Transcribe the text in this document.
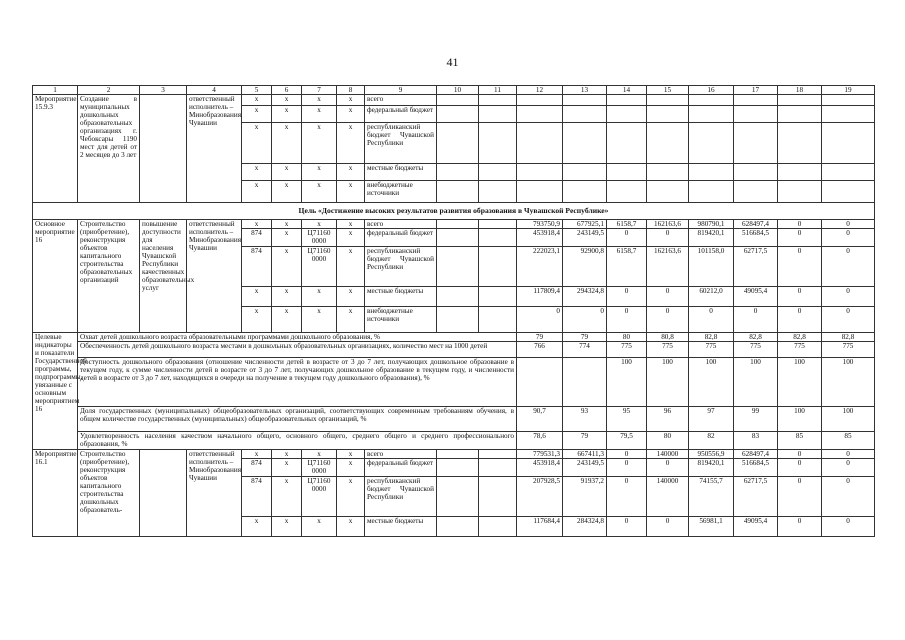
41
1	2	3	4	5	6	7	8	9	10	11	12	13	14	15	16	17	18	19
Мероприятие 15.9.3	Создание в муниципальных дошкольных образовательных организациях г. Чебоксары 1190 мест для детей от 2 месяцев до 3 лет		ответственный исполнитель – Минобразования Чувашии	x	x	x	x	всего										
				x	x	x	x	федеральный бюджет										
				x	x	x	x	республиканский бюджет Чувашской Республики										
				x	x	x	x	местные бюджеты										
				x	x	x	x	внебюджетные источники										
Цель «Достижение высоких результатов развития образования в Чувашской Республике»																		
Основное мероприятие 16	Строительство (приобретение), реконструкция объектов капитального строительства образовательных организаций	повышение доступности для населения Чувашской Республики качественных образовательных услуг	ответственный исполнитель – Минобразования Чувашии	x	x	x	x	всего			793750,9	677925,1	6158,7	162163,6	980790,1	628497,4	0	0
				874	x	Ц71160 0000	x	федеральный бюджет			453918,4	243149,5	0	0	819420,1	516684,5	0	0
				874	x	Ц71160 0000	x	республиканский бюджет Чувашской Республики			222023,1	92900,8	6158,7	162163,6	101158,0	62717,5	0	0
				x	x	x	x	местные бюджеты			117809,4	294324,8	0	0	60212,0	49095,4	0	0
				x	x	x	x	внебюджетные источники			0	0	0	0	0	0	0	0
Целевые индикаторы и показатели Государственной программы, подпрограммы, увязанные с основным мероприятием 16	Охват детей дошкольного возраста образовательными программами дошкольного образования, %										79	79	80	80,8	82,8	82,8	82,8	82,8
	Обеспеченность детей дошкольного возраста местами в дошкольных образовательных организациях, количество мест на 1000 детей										766	774	775	775	775	775	775	775
	Доступность дошкольного образования (отношение численности детей в возрасте от 3 до 7 лет, получающих дошкольное образование в текущем году, к сумме численности детей в возрасте от 3 до 7 лет, получающих дошкольное образование в текущем году, и численности детей в возрасте от 3 до 7 лет, находящихся в очереди на получение в текущем году дошкольного образования), %												100	100	100	100	100	100
	Доля государственных (муниципальных) общеобразовательных организаций, соответствующих современным требованиям обучения, в общем количестве государственных (муниципальных) общеобразовательных организаций, %										90,7	93	95	96	97	99	100	100
	Удовлетворенность населения качеством начального общего, основного общего, среднего общего и среднего профессионального образования, %										78,6	79	79,5	80	82	83	85	85
Мероприятие 16.1	Строительство (приобретение), реконструкция объектов капитального строительства дошкольных образователь-		ответственный исполнитель – Минобразования Чувашии	x	x	x	x	всего			779531,3	667411,3	0	140000	950556,9	628497,4	0	0
				874	x	Ц71160 0000	x	федеральный бюджет			453918,4	243149,5	0	0	819420,1	516684,5	0	0
				874	x	Ц71160 0000	x	республиканский бюджет Чувашской Республики			207928,5	91937,2	0	140000	74155,7	62717,5	0	0
				x	x	x	x	местные бюджеты			117684,4	284324,8	0	0	56981,1	49095,4	0	0
